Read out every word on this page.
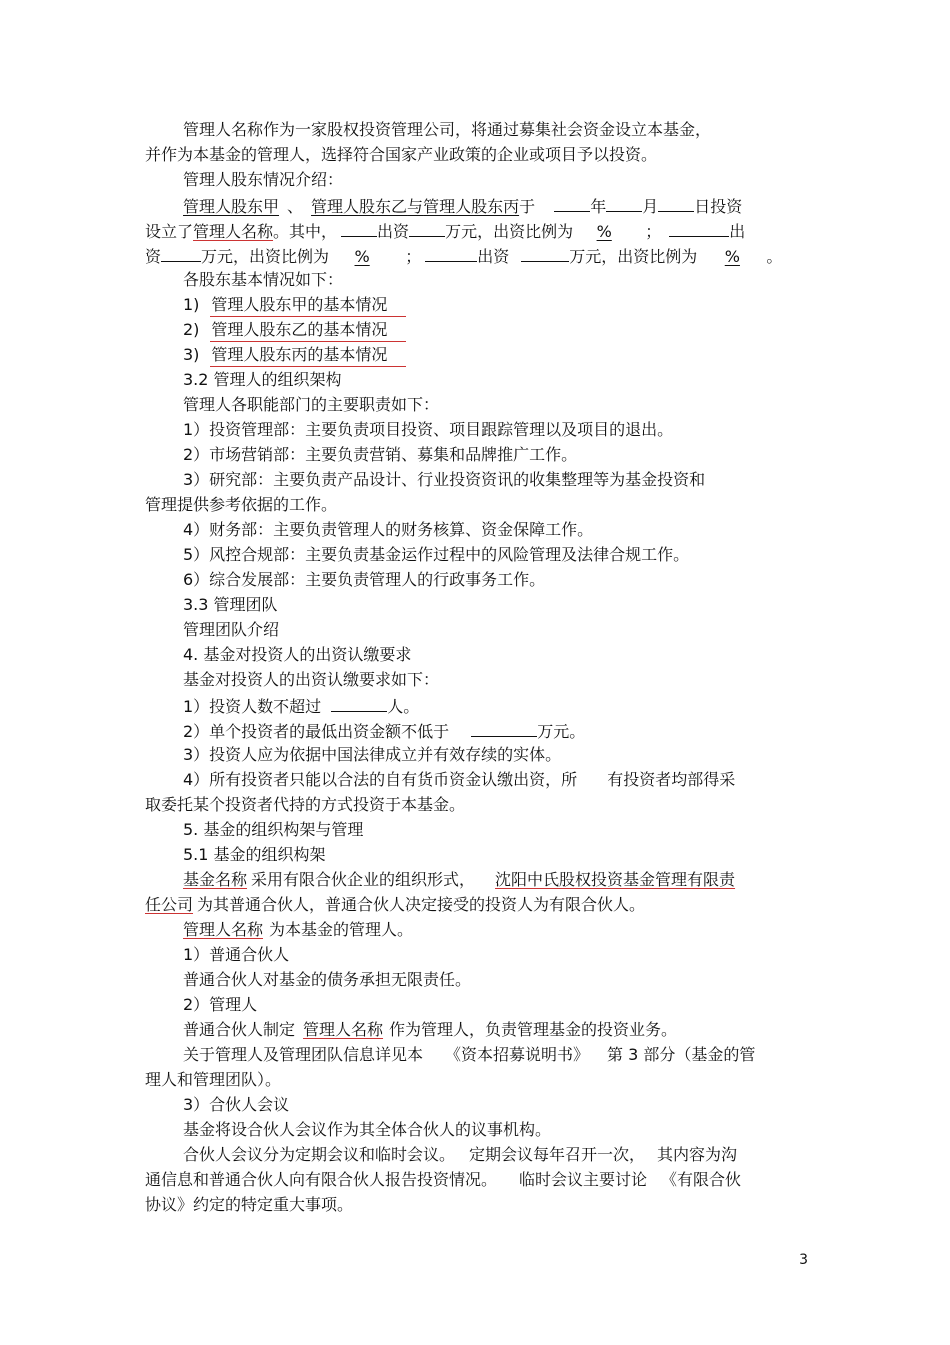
管理人名称作为一家股权投资管理公司，将通过募集社会资金设立本基金，
并作为本基金的管理人，选择符合国家产业政策的企业或项目予以投资。
管理人股东情况介绍：
管理人股东甲 、 管理人股东乙与管理人股东丙于	年 月 日投资
设立了管理人名称。其中，	出资 万元，出资比例为 % ；	出
资	万元，出资比例为 % ；	出资	万元，出资比例为 % 。
各股东基本情况如下：
1) 管理人股东甲的基本情况
2) 管理人股东乙的基本情况
3) 管理人股东丙的基本情况
3.2 管理人的组织架构
管理人各职能部门的主要职责如下：
1）投资管理部：主要负责项目投资、项目跟踪管理以及项目的退出。
2）市场营销部：主要负责营销、募集和品牌推广工作。
3）研究部：主要负责产品设计、行业投资资讯的收集整理等为基金投资和
管理提供参考依据的工作。
4）财务部：主要负责管理人的财务核算、资金保障工作。
5）风控合规部：主要负责基金运作过程中的风险管理及法律合规工作。
6）综合发展部：主要负责管理人的行政事务工作。
3.3 管理团队
管理团队介绍
4. 基金对投资人的出资认缴要求
基金对投资人的出资认缴要求如下：
1）投资人数不超过	人。
2）单个投资者的最低出资金额不低于	万元。
3）投资人应为依据中国法律成立并有效存续的实体。
4）所有投资者只能以合法的自有货币资金认缴出资，所 有投资者均部得采
取委托某个投资者代持的方式投资于本基金。
5. 基金的组织构架与管理
5.1 基金的组织构架
基金名称 采用有限合伙企业的组织形式， 沈阳中氏股权投资基金管理有限责
任公司 为其普通合伙人，普通合伙人决定接受的投资人为有限合伙人。
管理人名称 为本基金的管理人。
1）普通合伙人
普通合伙人对基金的债务承担无限责任。
2）管理人
普通合伙人制定 管理人名称 作为管理人，负责管理基金的投资业务。
关于管理人及管理团队信息详见本 《资本招募说明书》 第 3 部分（基金的管
理人和管理团队）。
3）合伙人会议
基金将设合伙人会议作为其全体合伙人的议事机构。
合伙人会议分为定期会议和临时会议。 定期会议每年召开一次， 其内容为沟
通信息和普通合伙人向有限合伙人报告投资情况。 临时会议主要讨论 《有限合伙
协议》约定的特定重大事项。
3
